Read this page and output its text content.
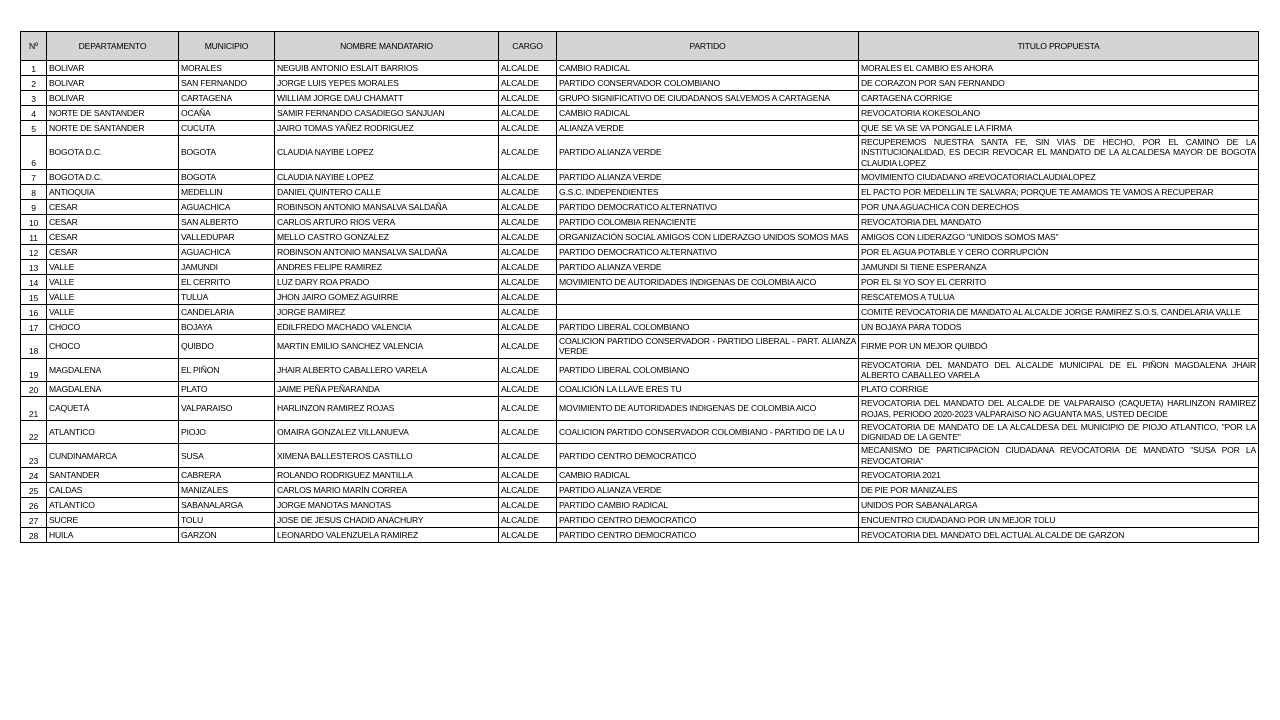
Nº	DEPARTAMENTO	MUNICIPIO	NOMBRE MANDATARIO	CARGO	PARTIDO	TITULO PROPUESTA
1	BOLIVAR	MORALES	NEGUIB ANTONIO ESLAIT BARRIOS	ALCALDE	CAMBIO RADICAL	MORALES EL CAMBIO ES AHORA
2	BOLIVAR	SAN FERNANDO	JORGE LUIS YEPES MORALES	ALCALDE	PARTIDO CONSERVADOR COLOMBIANO	DE CORAZON POR SAN FERNANDO
3	BOLIVAR	CARTAGENA	WILLIAM JORGE DAU CHAMATT	ALCALDE	GRUPO SIGNIFICATIVO DE CIUDADANOS SALVEMOS A CARTAGENA	CARTAGENA CORRIGE
4	NORTE DE SANTANDER	OCAÑA	SAMIR FERNANDO CASADIEGO SANJUAN	ALCALDE	CAMBIO RADICAL	REVOCATORIA KOKESOLANO
5	NORTE DE SANTANDER	CUCUTA	JAIRO TOMAS YAÑEZ RODRIGUEZ	ALCALDE	ALIANZA VERDE	QUE SE VA SE VA PONGALE LA FIRMA
6	BOGOTA D.C.	BOGOTA	CLAUDIA NAYIBE LOPEZ	ALCALDE	PARTIDO ALIANZA VERDE	RECUPEREMOS NUESTRA SANTA FE, SIN VIAS DE HECHO, POR EL CAMINO DE LA INSTITUCIONALIDAD, ES DECIR REVOCAR EL MANDATO DE LA ALCALDESA MAYOR DE BOGOTA CLAUDIA LOPEZ
7	BOGOTA D.C.	BOGOTA	CLAUDIA NAYIBE LOPEZ	ALCALDE	PARTIDO ALIANZA VERDE	MOVIMIENTO CIUDADANO #REVOCATORIACLAUDIALOPEZ
8	ANTIOQUIA	MEDELLIN	DANIEL QUINTERO CALLE	ALCALDE	G.S.C. INDEPENDIENTES	EL PACTO POR MEDELLIN TE SALVARA; PORQUE TE AMAMOS TE VAMOS A RECUPERAR
9	CESAR	AGUACHICA	ROBINSON ANTONIO MANSALVA SALDAÑA	ALCALDE	PARTIDO DEMOCRATICO ALTERNATIVO	POR UNA AGUACHICA CON DERECHOS
10	CESAR	SAN ALBERTO	CARLOS ARTURO RIOS VERA	ALCALDE	PARTIDO COLOMBIA RENACIENTE	REVOCATORIA DEL MANDATO
11	CESAR	VALLEDUPAR	MELLO CASTRO GONZALEZ	ALCALDE	ORGANIZACIÓN SOCIAL AMIGOS CON LIDERAZGO UNIDOS SOMOS MAS	AMIGOS CON LIDERAZGO "UNIDOS SOMOS MAS"
12	CESAR	AGUACHICA	ROBINSON ANTONIO MANSALVA SALDAÑA	ALCALDE	PARTIDO DEMOCRATICO ALTERNATIVO	POR EL AGUA POTABLE Y CERO CORRUPCIÓN
13	VALLE	JAMUNDI	ANDRES FELIPE RAMIREZ	ALCALDE	PARTIDO ALIANZA VERDE	JAMUNDI SI TIENE ESPERANZA
14	VALLE	EL CERRITO	LUZ DARY ROA PRADO	ALCALDE	MOVIMIENTO DE AUTORIDADES INDIGENAS DE COLOMBIA AICO	POR EL SI YO SOY EL CERRITO
15	VALLE	TULUA	JHON JAIRO GOMEZ AGUIRRE	ALCALDE		RESCATEMOS A TULUA
16	VALLE	CANDELARIA	JORGE RAMIREZ	ALCALDE		COMITÉ REVOCATORIA DE MANDATO AL ALCALDE JORGE RAMIREZ S.O.S. CANDELARIA VALLE
17	CHOCO	BOJAYA	EDILFREDO MACHADO VALENCIA	ALCALDE	PARTIDO LIBERAL COLOMBIANO	UN BOJAYA PARA TODOS
18	CHOCO	QUIBDO	MARTIN EMILIO SANCHEZ VALENCIA	ALCALDE	COALICION PARTIDO CONSERVADOR - PARTIDO LIBERAL - PART. ALIANZA VERDE	FIRME POR UN MEJOR QUIBDÓ
19	MAGDALENA	EL PIÑON	JHAIR ALBERTO CABALLERO VARELA	ALCALDE	PARTIDO LIBERAL COLOMBIANO	REVOCATORIA DEL MANDATO DEL ALCALDE MUNICIPAL DE EL PIÑON MAGDALENA JHAIR ALBERTO CABALLEO VARELA
20	MAGDALENA	PLATO	JAIME PEÑA PEÑARANDA	ALCALDE	COALICIÓN LA LLAVE ERES TU	PLATO CORRIGE
21	CAQUETÁ	VALPARAISO	HARLINZON RAMIREZ ROJAS	ALCALDE	MOVIMIENTO DE AUTORIDADES INDIGENAS DE COLOMBIA AICO	REVOCATORIA DEL MANDATO DEL ALCALDE DE VALPARAISO (CAQUETA) HARLINZON RAMIREZ ROJAS, PERIODO 2020-2023 VALPARAISO NO AGUANTA MAS, USTED DECIDE
22	ATLANTICO	PIOJO	OMAIRA GONZALEZ VILLANUEVA	ALCALDE	COALICION PARTIDO CONSERVADOR COLOMBIANO - PARTIDO DE LA U	REVOCATORIA DE MANDATO DE LA ALCALDESA DEL MUNICIPIO DE PIOJO ATLANTICO, "POR LA DIGNIDAD DE LA GENTE"
23	CUNDINAMARCA	SUSA	XIMENA BALLESTEROS CASTILLO	ALCALDE	PARTIDO CENTRO DEMOCRATICO	MECANISMO DE PARTICIPACION CIUDADANA REVOCATORIA DE MANDATO "SUSA POR LA REVOCATORIA"
24	SANTANDER	CABRERA	ROLANDO RODRIGUEZ MANTILLA	ALCALDE	CAMBIO RADICAL	REVOCATORIA 2021
25	CALDAS	MANIZALES	CARLOS MARIO MARÍN CORREA	ALCALDE	PARTIDO ALIANZA VERDE	DE PIE POR MANIZALES
26	ATLANTICO	SABANALARGA	JORGE MANOTAS MANOTAS	ALCALDE	PARTIDO CAMBIO RADICAL	UNIDOS POR SABANALARGA
27	SUCRE	TOLU	JOSE DE JESUS CHADID ANACHURY	ALCALDE	PARTIDO CENTRO DEMOCRATICO	ENCUENTRO CIUDADANO POR UN MEJOR TOLU
28	HUILA	GARZON	LEONARDO VALENZUELA RAMIREZ	ALCALDE	PARTIDO CENTRO DEMOCRATICO	REVOCATORIA DEL MANDATO DEL ACTUAL ALCALDE DE GARZON
